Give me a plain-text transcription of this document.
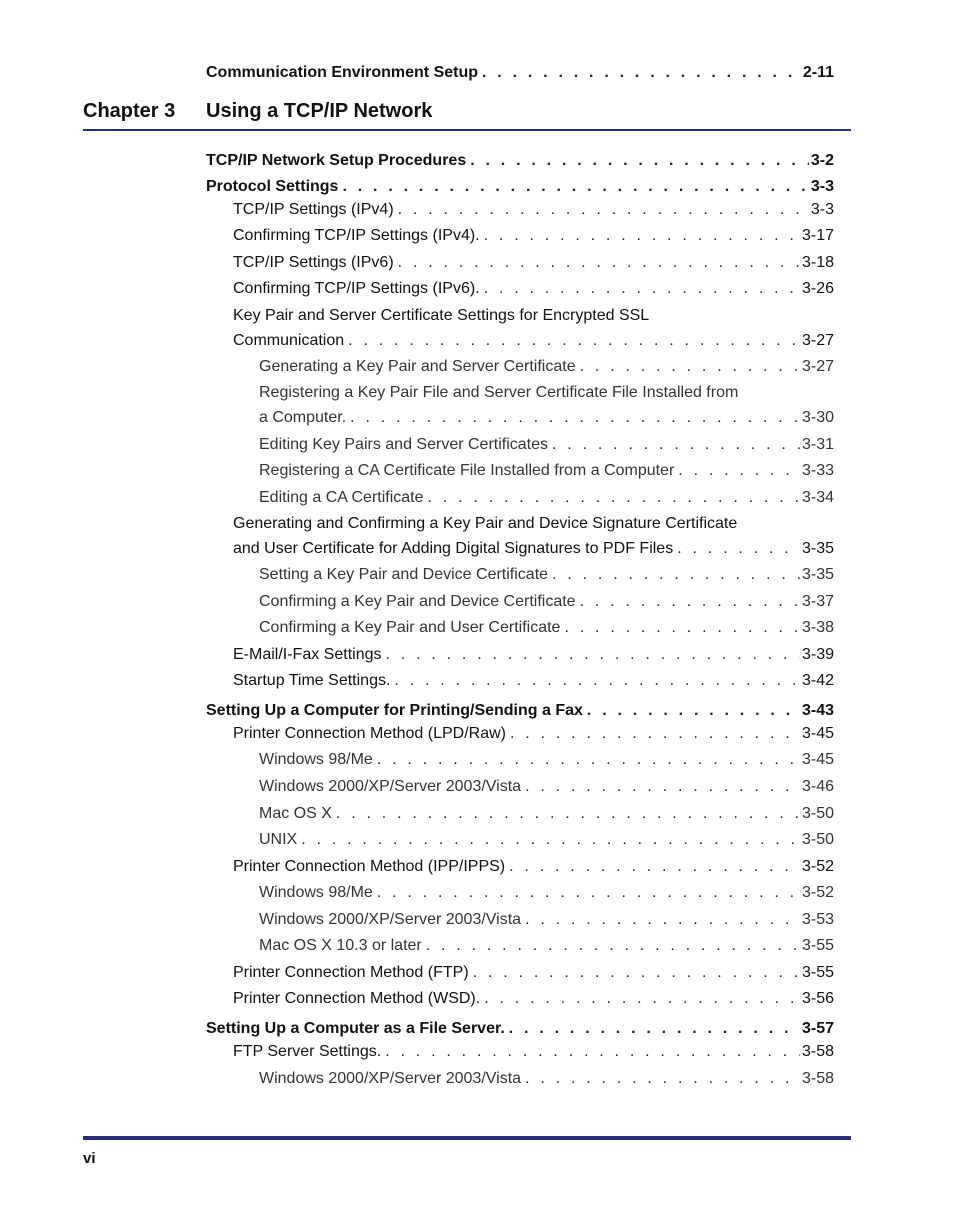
Communication Environment Setup . . .	2-11
Chapter 3 Using a TCP/IP Network
TCP/IP Network Setup Procedures . . .	3-2
Protocol Settings . . .	3-3
TCP/IP Settings (IPv4) . . .	3-3
Confirming TCP/IP Settings (IPv4). . . .	3-17
TCP/IP Settings (IPv6) . . .	3-18
Confirming TCP/IP Settings (IPv6). . . .	3-26
Key Pair and Server Certificate Settings for Encrypted SSL
Communication . . .	3-27
Generating a Key Pair and Server Certificate . . .	3-27
Registering a Key Pair File and Server Certificate File Installed from
a Computer. . . .	3-30
Editing Key Pairs and Server Certificates . . .	3-31
Registering a CA Certificate File Installed from a Computer . . .	3-33
Editing a CA Certificate . . .	3-34
Generating and Confirming a Key Pair and Device Signature Certificate
and User Certificate for Adding Digital Signatures to PDF Files . . .	3-35
Setting a Key Pair and Device Certificate . . .	3-35
Confirming a Key Pair and Device Certificate . . .	3-37
Confirming a Key Pair and User Certificate . . .	3-38
E-Mail/I-Fax Settings . . .	3-39
Startup Time Settings. . . .	3-42
Setting Up a Computer for Printing/Sending a Fax . . .	3-43
Printer Connection Method (LPD/Raw) . . .	3-45
Windows 98/Me . . .	3-45
Windows 2000/XP/Server 2003/Vista . . .	3-46
Mac OS X . . .	3-50
UNIX . . .	3-50
Printer Connection Method (IPP/IPPS) . . .	3-52
Windows 98/Me . . .	3-52
Windows 2000/XP/Server 2003/Vista . . .	3-53
Mac OS X 10.3 or later . . .	3-55
Printer Connection Method (FTP) . . .	3-55
Printer Connection Method (WSD). . . .	3-56
Setting Up a Computer as a File Server. . . .	3-57
FTP Server Settings. . . .	3-58
Windows 2000/XP/Server 2003/Vista . . .	3-58
vi
